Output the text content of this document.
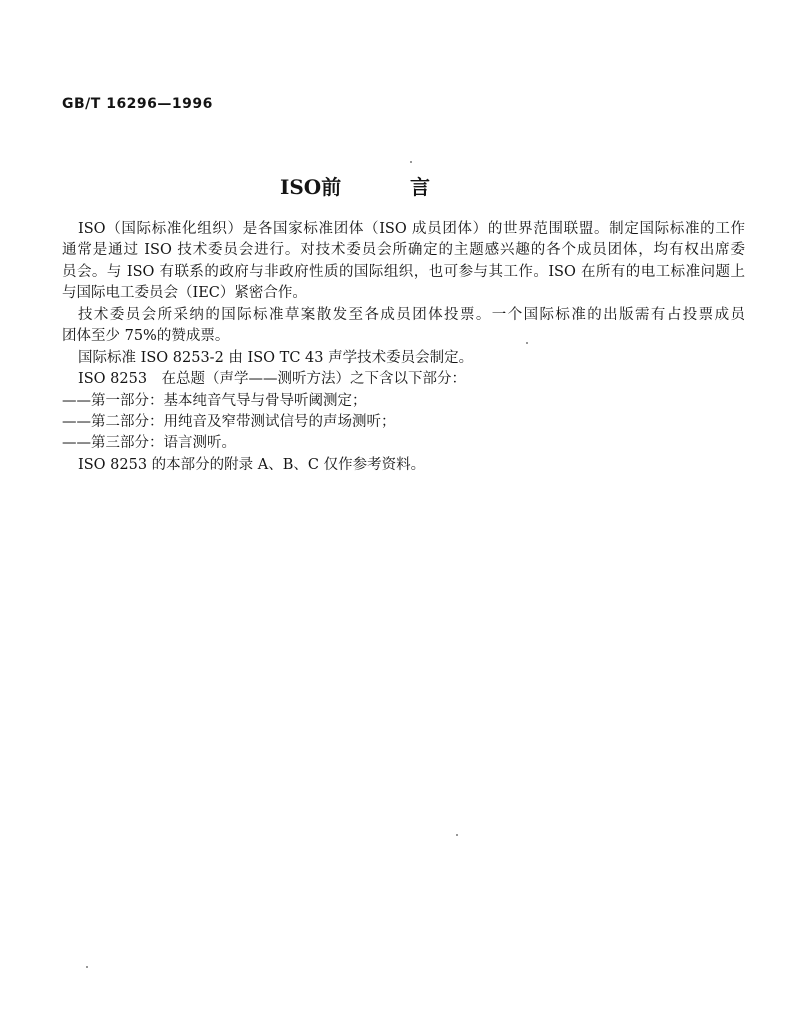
GB/T 16296—1996
ISO前	言
ISO（国际标准化组织）是各国家标准团体（ISO 成员团体）的世界范围联盟。制定国际标准的工作
通常是通过 ISO 技术委员会进行。对技术委员会所确定的主题感兴趣的各个成员团体，均有权出席委
员会。与 ISO 有联系的政府与非政府性质的国际组织，也可参与其工作。ISO 在所有的电工标准问题上
与国际电工委员会（IEC）紧密合作。
技术委员会所采纳的国际标准草案散发至各成员团体投票。一个国际标准的出版需有占投票成员
团体至少 75%的赞成票。
国际标准 ISO 8253-2 由 ISO TC 43 声学技术委员会制定。
ISO 8253　在总题（声学——测听方法）之下含以下部分：
——第一部分：基本纯音气导与骨导听阈测定；
——第二部分：用纯音及窄带测试信号的声场测听；
——第三部分：语言测听。
ISO 8253 的本部分的附录 A、B、C 仅作参考资料。
